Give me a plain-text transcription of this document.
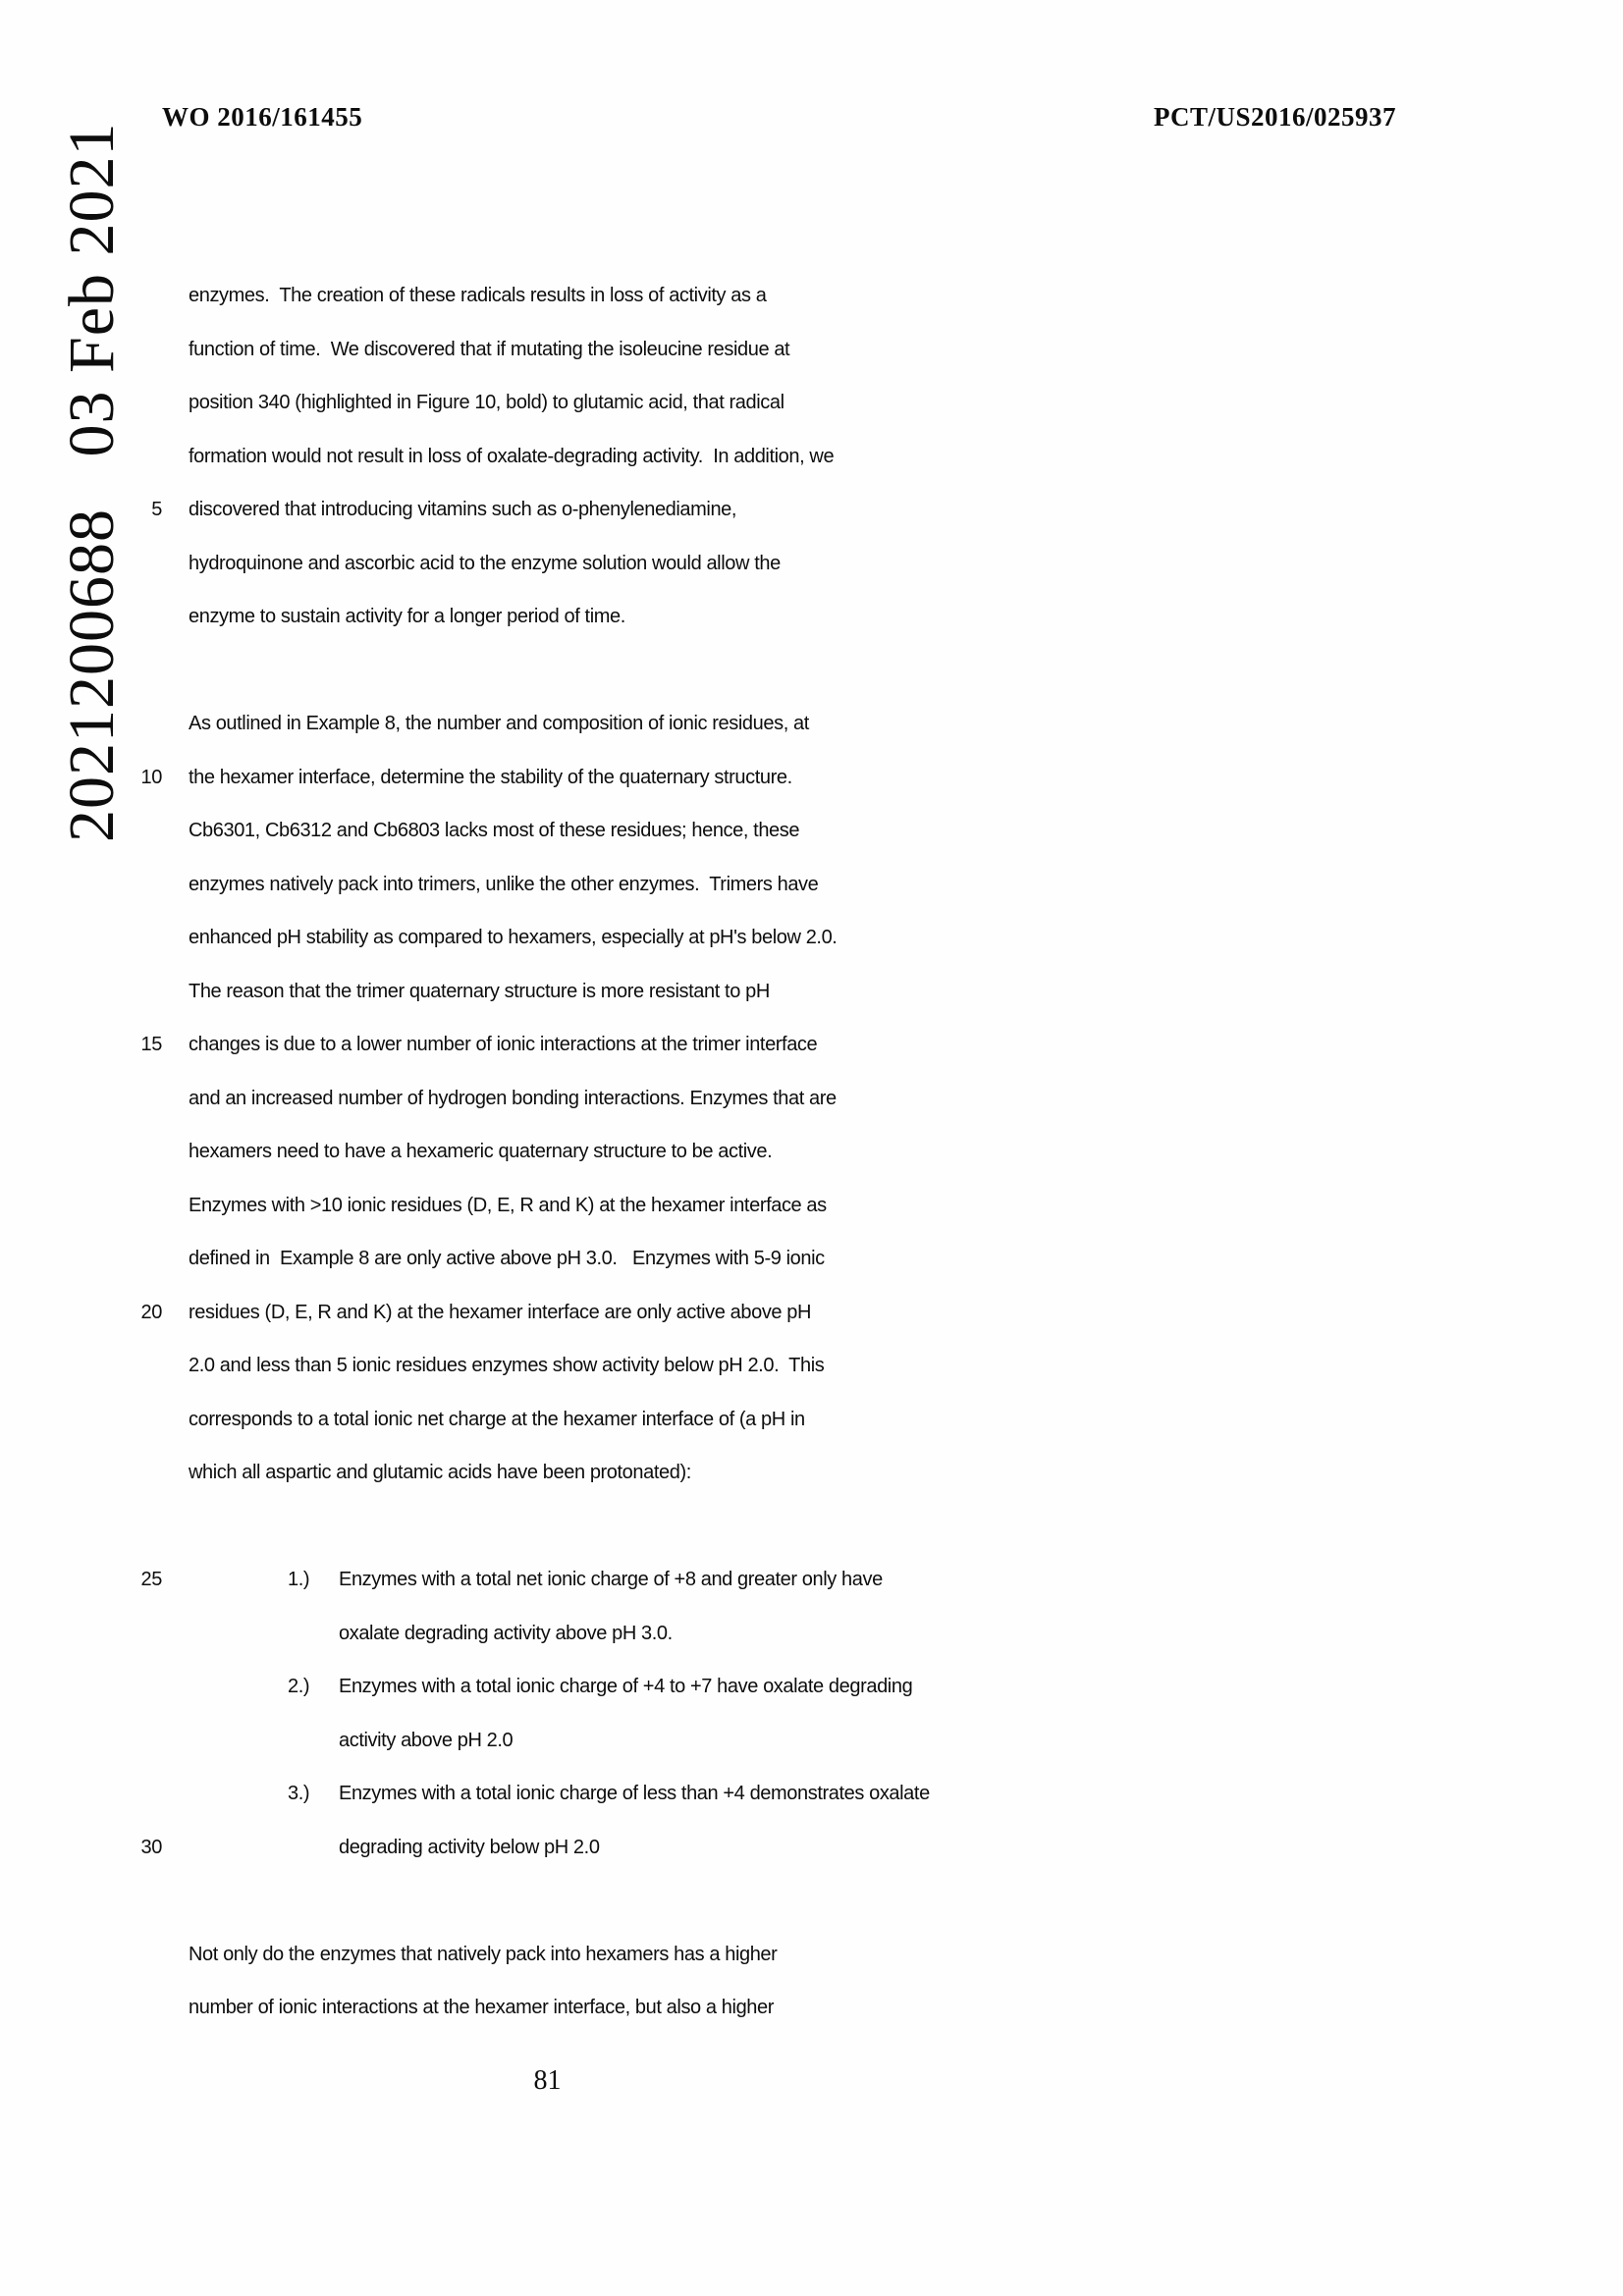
WO 2016/161455	PCT/US2016/025937
2021200688   03 Feb 2021	5
10
15
20
25
30
enzymes.  The creation of these radicals results in loss of activity as a
function of time.  We discovered that if mutating the isoleucine residue at
position 340 (highlighted in Figure 10, bold) to glutamic acid, that radical
formation would not result in loss of oxalate-degrading activity.  In addition, we
discovered that introducing vitamins such as o-phenylenediamine,
hydroquinone and ascorbic acid to the enzyme solution would allow the
enzyme to sustain activity for a longer period of time.
As outlined in Example 8, the number and composition of ionic residues, at
the hexamer interface, determine the stability of the quaternary structure.
Cb6301, Cb6312 and Cb6803 lacks most of these residues; hence, these
enzymes natively pack into trimers, unlike the other enzymes.  Trimers have
enhanced pH stability as compared to hexamers, especially at pH's below 2.0.
The reason that the trimer quaternary structure is more resistant to pH
changes is due to a lower number of ionic interactions at the trimer interface
and an increased number of hydrogen bonding interactions. Enzymes that are
hexamers need to have a hexameric quaternary structure to be active.
Enzymes with >10 ionic residues (D, E, R and K) at the hexamer interface as
defined in  Example 8 are only active above pH 3.0.   Enzymes with 5-9 ionic
residues (D, E, R and K) at the hexamer interface are only active above pH
2.0 and less than 5 ionic residues enzymes show activity below pH 2.0.  This
corresponds to a total ionic net charge at the hexamer interface of (a pH in
which all aspartic and glutamic acids have been protonated):
1.) Enzymes with a total net ionic charge of +8 and greater only have
oxalate degrading activity above pH 3.0.
2.) Enzymes with a total ionic charge of +4 to +7 have oxalate degrading
activity above pH 2.0
3.) Enzymes with a total ionic charge of less than +4 demonstrates oxalate
degrading activity below pH 2.0
Not only do the enzymes that natively pack into hexamers has a higher
number of ionic interactions at the hexamer interface, but also a higher
81
